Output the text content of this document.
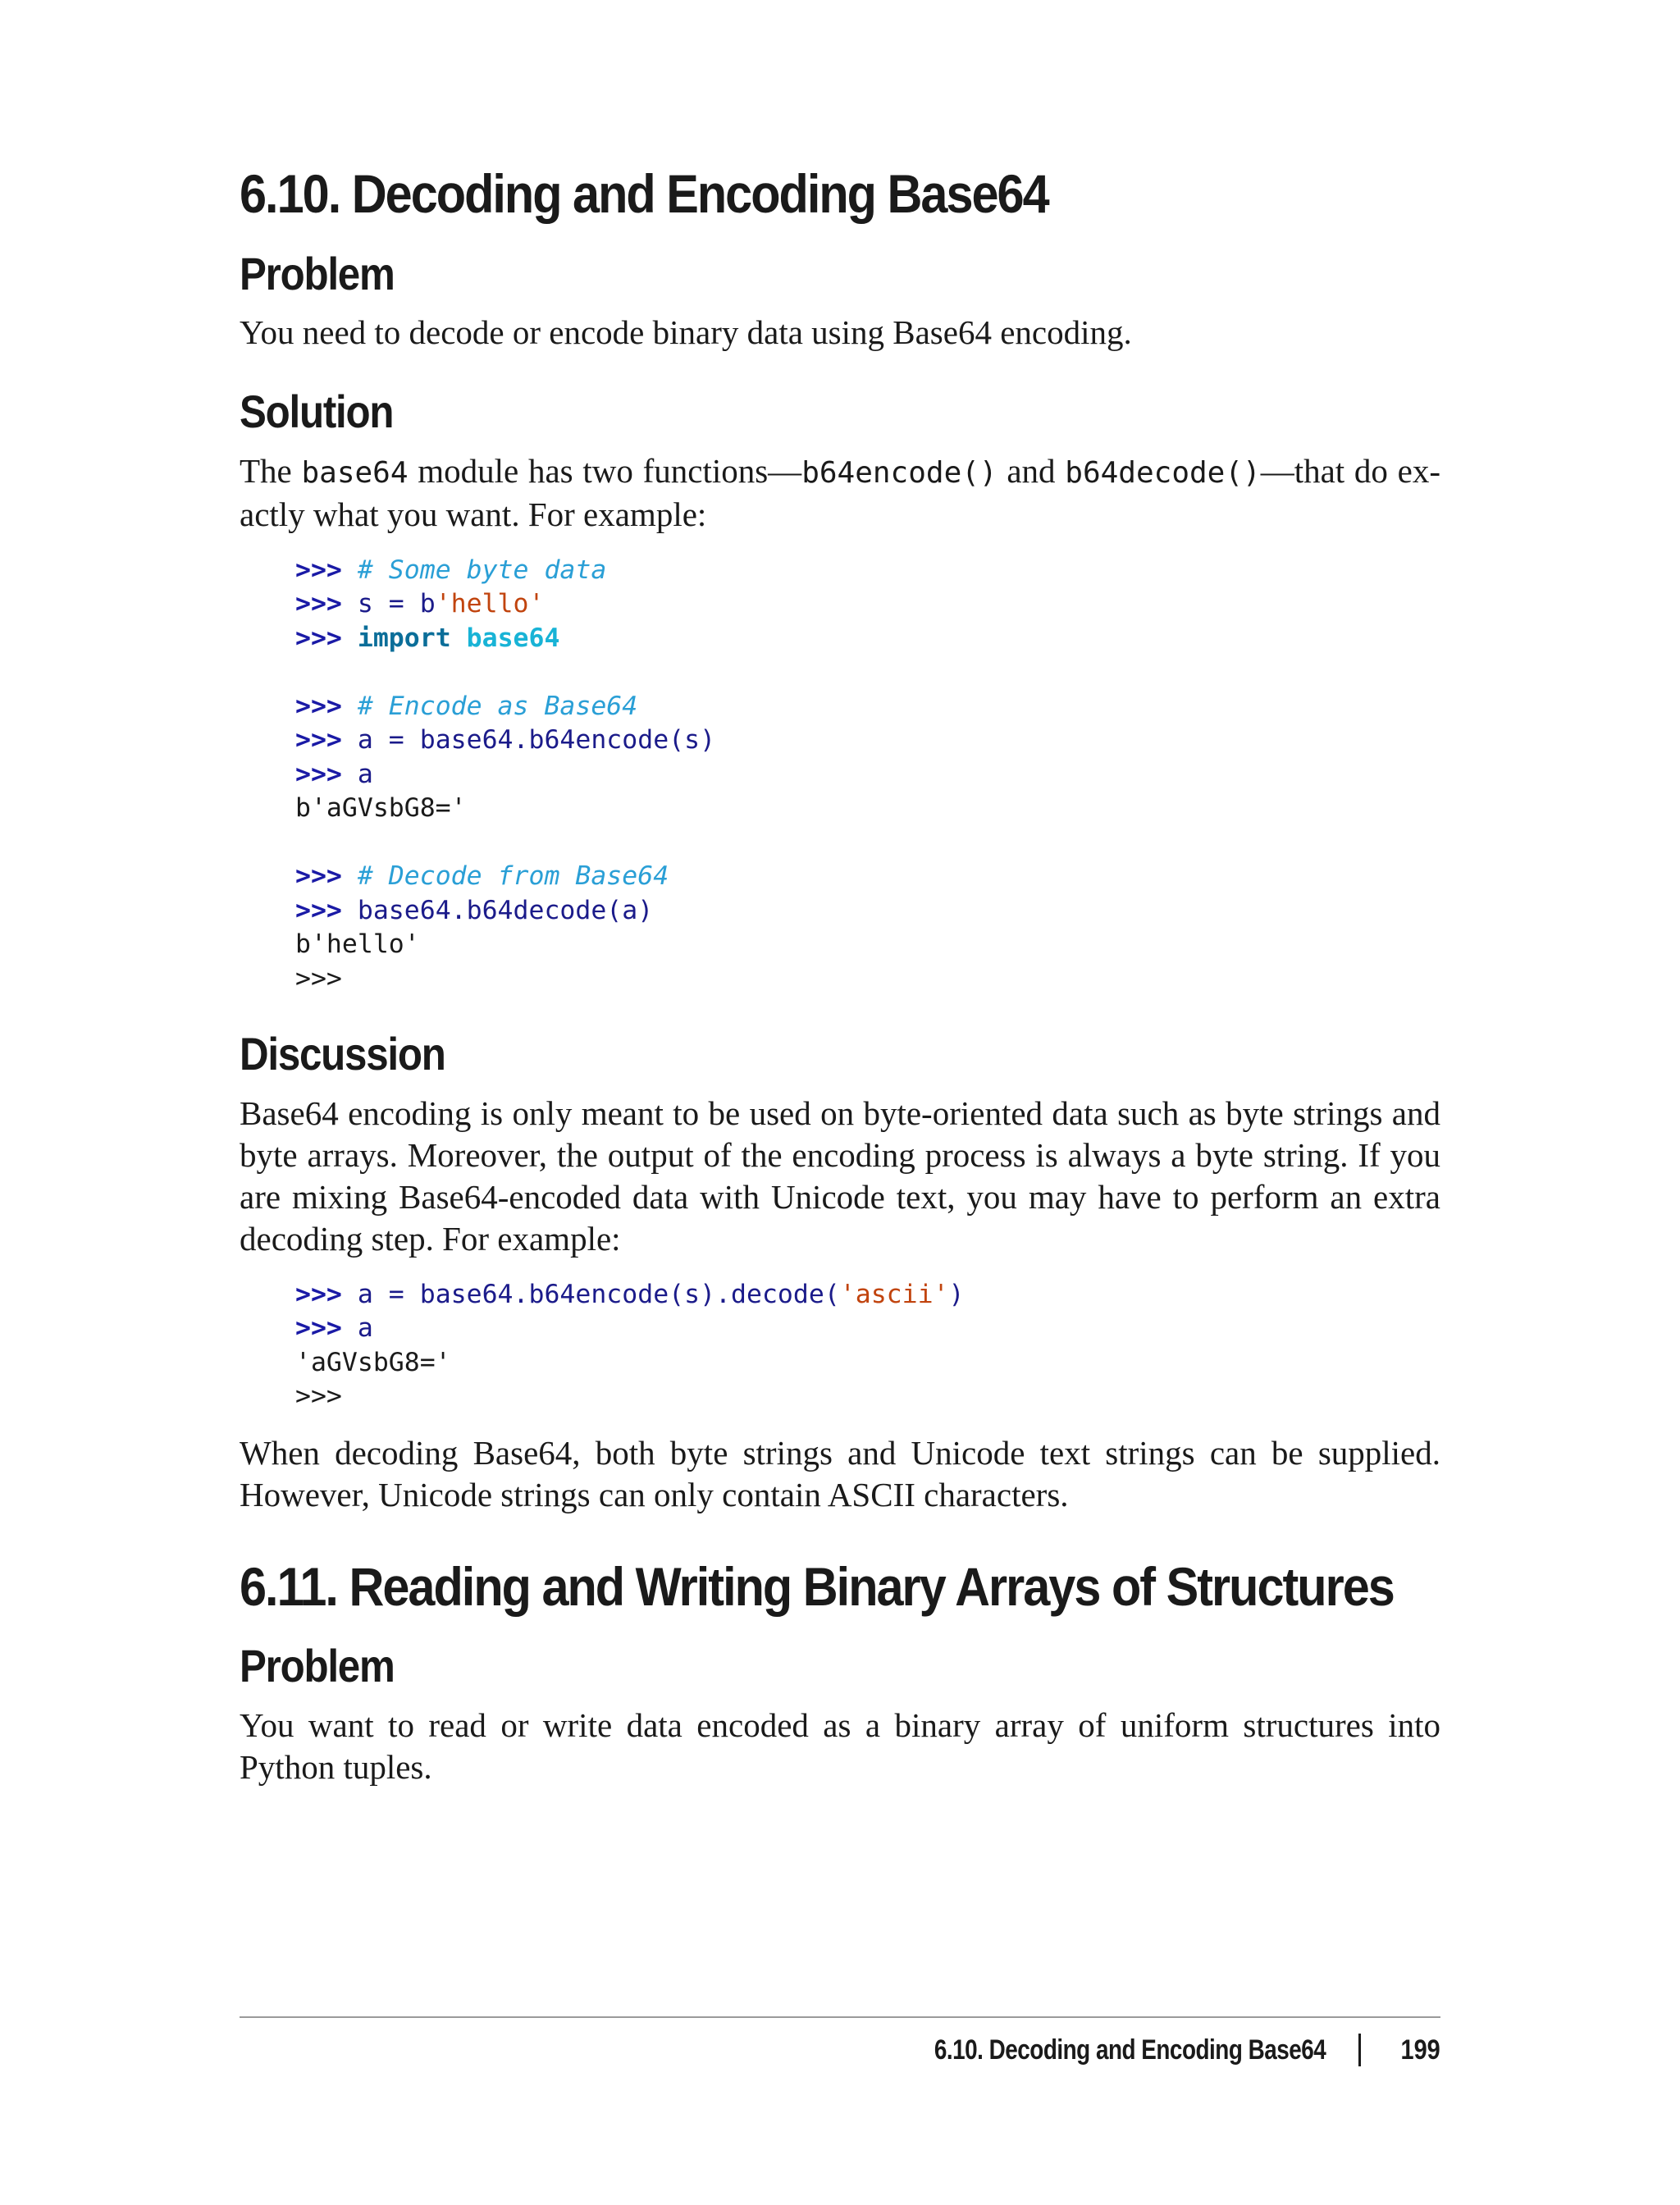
6.10. Decoding and Encoding Base64
Problem

You need to decode or encode binary data using Base64 encoding.

Solution

The base64 module has two functions—b64encode() and b64decode()—that do exactly what you want. For example:

>>> # Some byte data
>>> s = b'hello'
>>> import base64

>>> # Encode as Base64
>>> a = base64.b64encode(s)
>>> a
b'aGVsbG8='

>>> # Decode from Base64
>>> base64.b64decode(a)
b'hello'
>>>
Discussion

Base64 encoding is only meant to be used on byte-oriented data such as byte strings and byte arrays. Moreover, the output of the encoding process is always a byte string. If you are mixing Base64-encoded data with Unicode text, you may have to perform an extra decoding step. For example:

>>> a = base64.b64encode(s).decode('ascii')
>>> a
'aGVsbG8='
>>>

When decoding Base64, both byte strings and Unicode text strings can be supplied. However, Unicode strings can only contain ASCII characters.

6.11. Reading and Writing Binary Arrays of Structures
Problem

You want to read or write data encoded as a binary array of uniform structures into Python tuples.

6.10. Decoding and Encoding Base64	199
